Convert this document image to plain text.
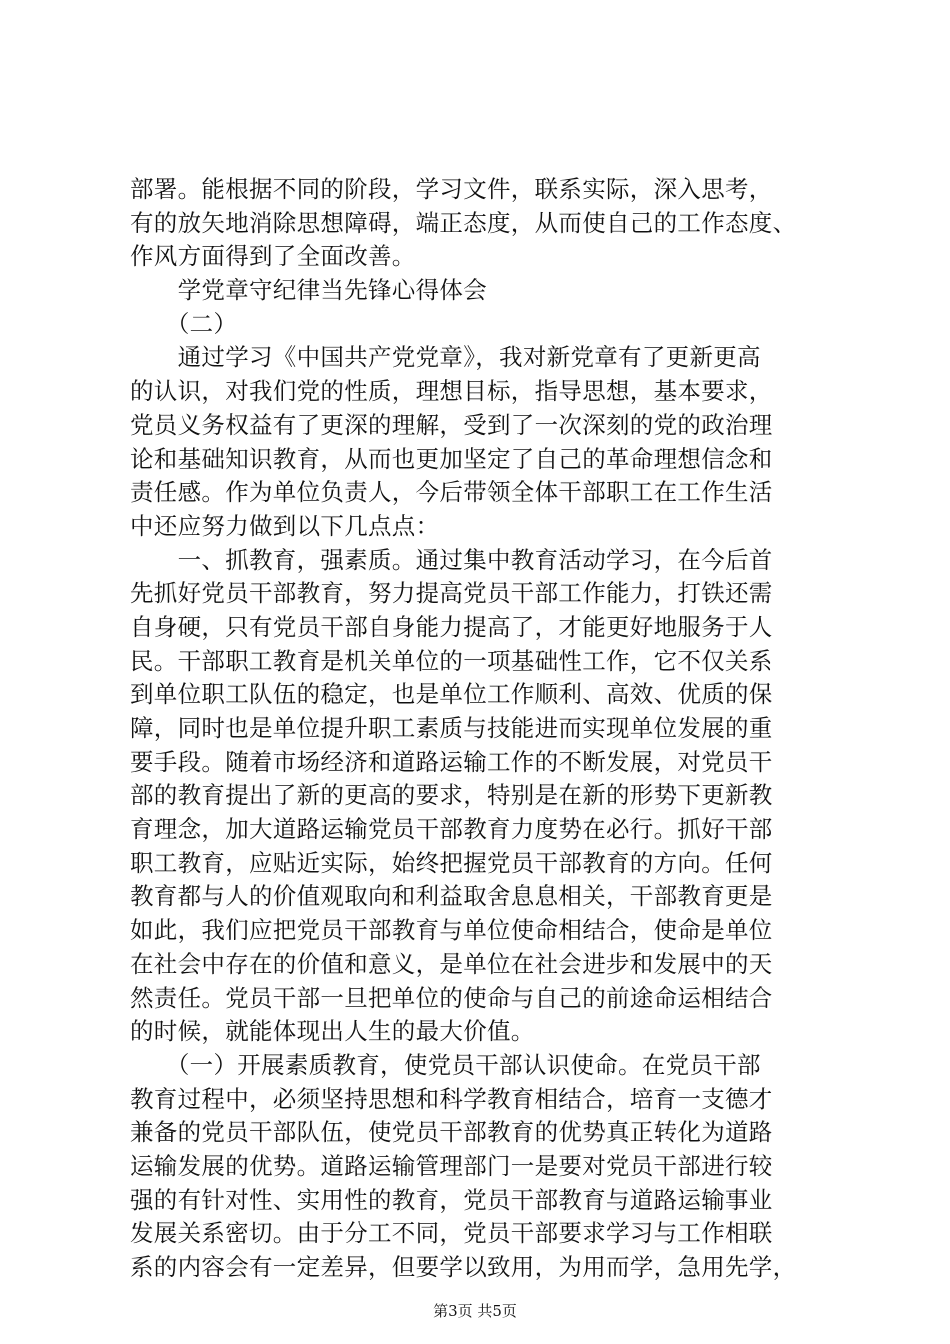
部署。能根据不同的阶段，学习文件，联系实际，深入思考，
有的放矢地消除思想障碍，端正态度，从而使自己的工作态度、
作风方面得到了全面改善。
　　学党章守纪律当先锋心得体会
　　（二）
　　通过学习《中国共产党党章》，我对新党章有了更新更高
的认识，对我们党的性质，理想目标，指导思想，基本要求，
党员义务权益有了更深的理解，受到了一次深刻的党的政治理
论和基础知识教育，从而也更加坚定了自己的革命理想信念和
责任感。作为单位负责人，今后带领全体干部职工在工作生活
中还应努力做到以下几点点：
　　一、抓教育，强素质。通过集中教育活动学习，在今后首
先抓好党员干部教育，努力提高党员干部工作能力，打铁还需
自身硬，只有党员干部自身能力提高了，才能更好地服务于人
民。干部职工教育是机关单位的一项基础性工作，它不仅关系
到单位职工队伍的稳定，也是单位工作顺利、高效、优质的保
障，同时也是单位提升职工素质与技能进而实现单位发展的重
要手段。随着市场经济和道路运输工作的不断发展，对党员干
部的教育提出了新的更高的要求，特别是在新的形势下更新教
育理念，加大道路运输党员干部教育力度势在必行。抓好干部
职工教育，应贴近实际，始终把握党员干部教育的方向。任何
教育都与人的价值观取向和利益取舍息息相关，干部教育更是
如此，我们应把党员干部教育与单位使命相结合，使命是单位
在社会中存在的价值和意义，是单位在社会进步和发展中的天
然责任。党员干部一旦把单位的使命与自己的前途命运相结合
的时候，就能体现出人生的最大价值。
　　（一）开展素质教育，使党员干部认识使命。在党员干部
教育过程中，必须坚持思想和科学教育相结合，培育一支德才
兼备的党员干部队伍，使党员干部教育的优势真正转化为道路
运输发展的优势。道路运输管理部门一是要对党员干部进行较
强的有针对性、实用性的教育，党员干部教育与道路运输事业
发展关系密切。由于分工不同，党员干部要求学习与工作相联
系的内容会有一定差异，但要学以致用，为用而学，急用先学，
第3页 共5页
